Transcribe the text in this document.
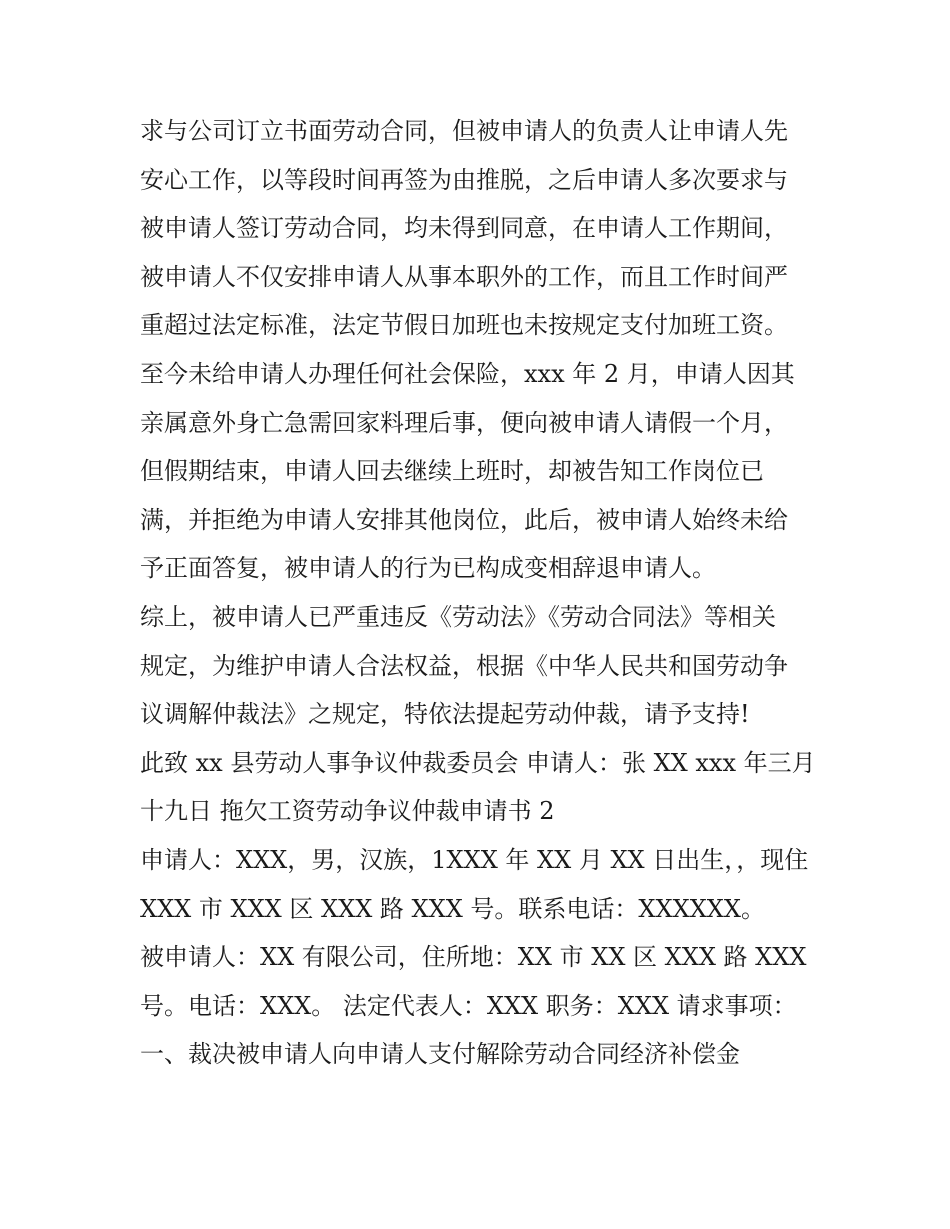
求与公司订立书面劳动合同，但被申请人的负责人让申请人先
安心工作，以等段时间再签为由推脱，之后申请人多次要求与
被申请人签订劳动合同，均未得到同意，在申请人工作期间，
被申请人不仅安排申请人从事本职外的工作，而且工作时间严
重超过法定标准，法定节假日加班也未按规定支付加班工资。
至今未给申请人办理任何社会保险，xxx 年 2 月，申请人因其
亲属意外身亡急需回家料理后事，便向被申请人请假一个月，
但假期结束，申请人回去继续上班时，却被告知工作岗位已
满，并拒绝为申请人安排其他岗位，此后，被申请人始终未给
予正面答复，被申请人的行为已构成变相辞退申请人。
综上，被申请人已严重违反《劳动法》《劳动合同法》等相关
规定，为维护申请人合法权益，根据《中华人民共和国劳动争
议调解仲裁法》之规定，特依法提起劳动仲裁，请予支持!
此致 xx 县劳动人事争议仲裁委员会 申请人：张 XX xxx 年三月
十九日 拖欠工资劳动争议仲裁申请书 2
申请人：XXX，男，汉族，1XXX 年 XX 月 XX 日出生，，现住
XXX 市 XXX 区 XXX 路 XXX 号。联系电话：XXXXXX。
被申请人：XX 有限公司，住所地：XX 市 XX 区 XXX 路 XXX
号。电话：XXX。 法定代表人：XXX 职务：XXX 请求事项：
一、裁决被申请人向申请人支付解除劳动合同经济补偿金
